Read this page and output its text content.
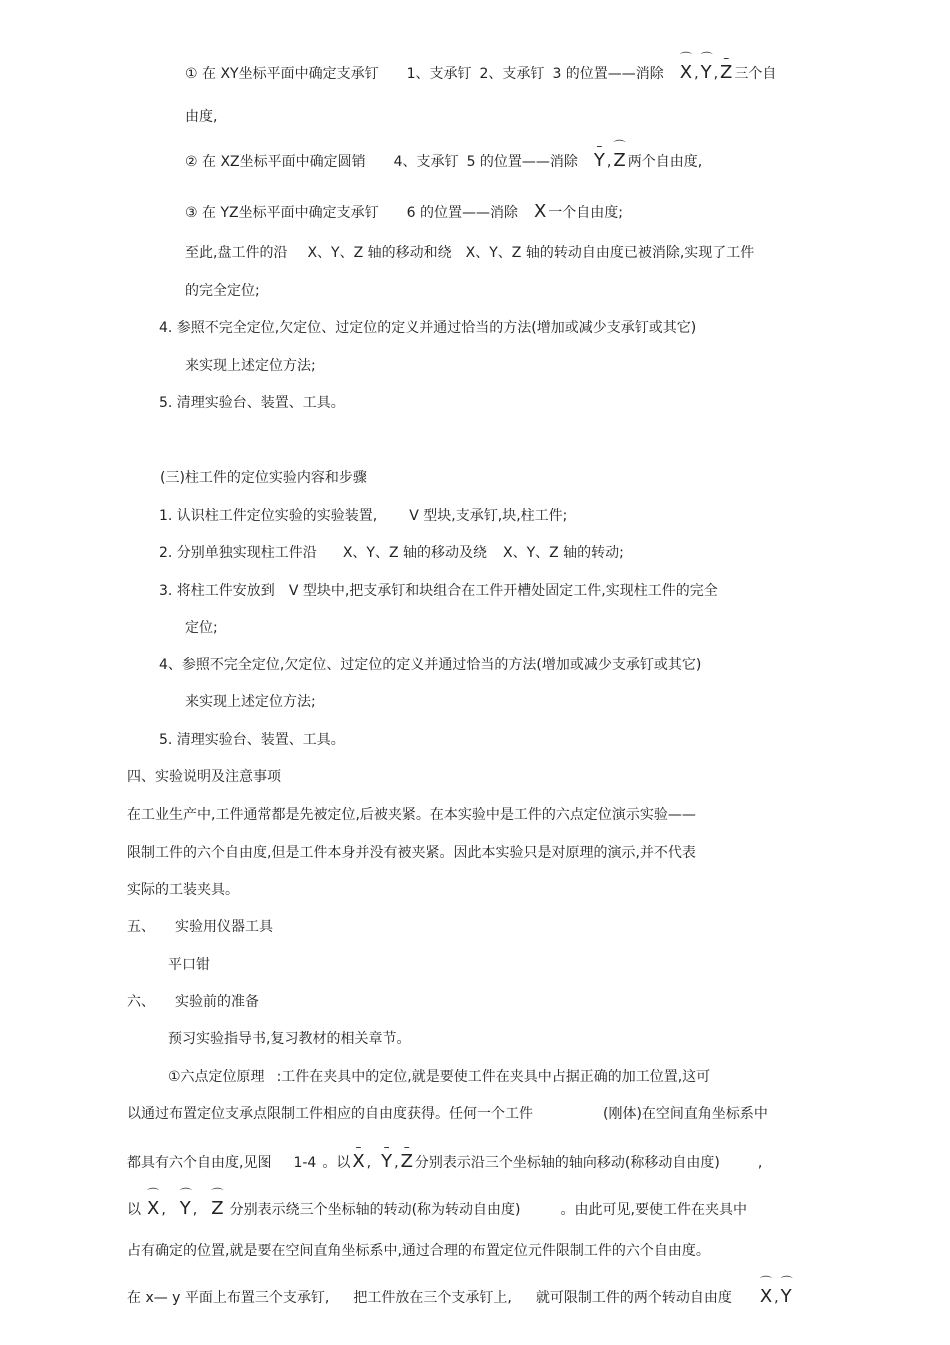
① 在 XY坐标平面中确定支承钉 1、支承钉 2、支承钉 3 的位置——消除
⌒
X ,
⌒
Y ,
–
Z 三个自
由度,
② 在 XZ坐标平面中确定圆销 4、支承钉 5 的位置——消除
–
Y ,
⌒
Z 两个自由度,
③ 在 YZ坐标平面中确定支承钉 6 的位置——消除 X 一个自由度;
至此,盘工件的沿 X、Y、Z 轴的移动和绕 X、Y、Z 轴的转动自由度已被消除,实现了工件
的完全定位;
4. 参照不完全定位,欠定位、过定位的定义并通过恰当的方法(增加或减少支承钉或其它)
来实现上述定位方法;
5. 清理实验台、装置、工具。
(三)柱工件的定位实验内容和步骤
1. 认识柱工件定位实验的实验装置, V 型块,支承钉,块,柱工件;
2. 分别单独实现柱工件沿 X、Y、Z 轴的移动及绕 X、Y、Z 轴的转动;
3. 将柱工件安放到 V 型块中,把支承钉和块组合在工件开槽处固定工件,实现柱工件的完全
定位;
4、参照不完全定位,欠定位、过定位的定义并通过恰当的方法(增加或减少支承钉或其它)
来实现上述定位方法;
5. 清理实验台、装置、工具。
四、实验说明及注意事项
在工业生产中,工件通常都是先被定位,后被夹紧。在本实验中是工件的六点定位演示实验——
限制工件的六个自由度,但是工件本身并没有被夹紧。因此本实验只是对原理的演示,并不代表
实际的工装夹具。
五、 实验用仪器工具
平口钳
六、 实验前的准备
预习实验指导书,复习教材的相关章节。
①六点定位原理 :工件在夹具中的定位,就是要使工件在夹具中占据正确的加工位置,这可
以通过布置定位支承点限制工件相应的自由度获得。任何一个工件	(刚体)在空间直角坐标系中
都具有六个自由度,见图 1-4 。以
–
X ,
–
Y ,
–
Z 分别表示沿三个坐标轴的轴向移动(称移动自由度)	,
以
⌒
X ,
⌒
Y ,
⌒
Z 分别表示绕三个坐标轴的转动(称为转动自由度)	。由此可见,要使工件在夹具中
占有确定的位置,就是要在空间直角坐标系中,通过合理的布置定位元件限制工件的六个自由度。
在 x— y 平面上布置三个支承钉, 把工件放在三个支承钉上, 就可限制工件的两个转动自由度
⌒
X ,
⌒
Y
